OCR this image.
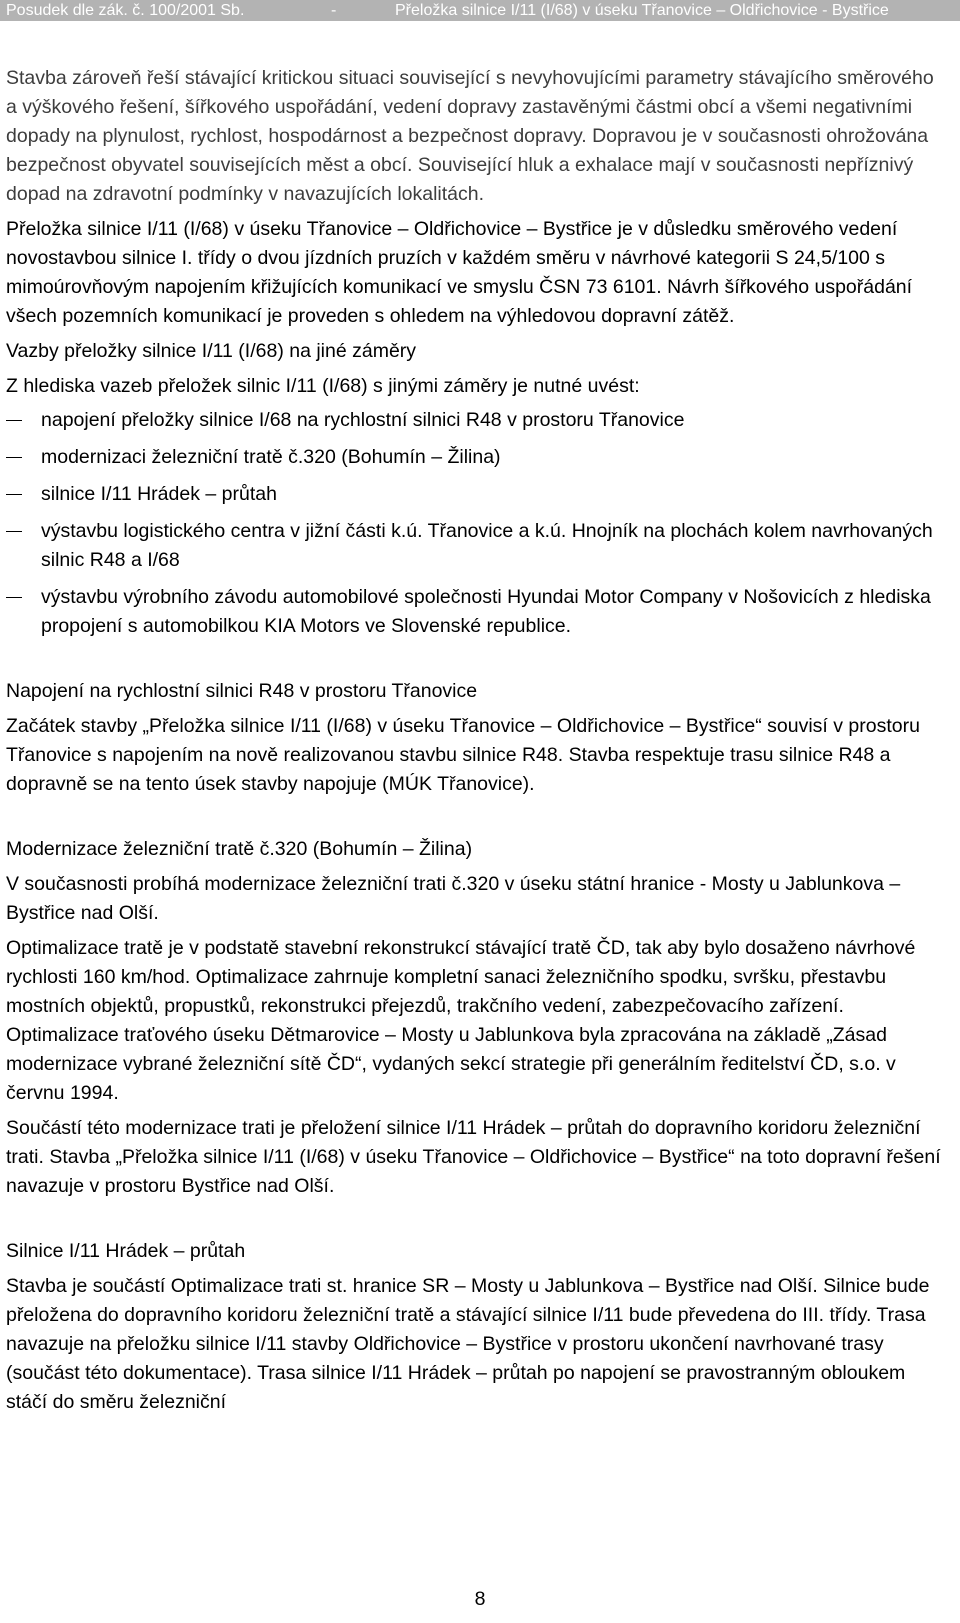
Posudek dle zák. č. 100/2001 Sb.	-	Přeložka silnice I/11 (I/68) v úseku Třanovice – Oldřichovice - Bystřice

Stavba zároveň řeší stávající kritickou situaci související s nevyhovujícími parametry stávajícího směrového a výškového řešení, šířkového uspořádání, vedení dopravy zastavěnými částmi obcí a všemi negativními dopady na plynulost, rychlost, hospodárnost a bezpečnost dopravy. Dopravou je v současnosti ohrožována bezpečnost obyvatel souvisejících měst a obcí. Související hluk a exhalace mají v současnosti nepříznivý dopad na zdravotní podmínky v navazujících lokalitách.

Přeložka silnice I/11 (I/68) v úseku Třanovice – Oldřichovice – Bystřice je v důsledku směrového vedení novostavbou silnice I. třídy o dvou jízdních pruzích v každém směru v návrhové kategorii S 24,5/100 s mimoúrovňovým napojením křižujících komunikací ve smyslu ČSN 73 6101. Návrh šířkového uspořádání všech pozemních komunikací je proveden s ohledem na výhledovou dopravní zátěž.

Vazby přeložky silnice I/11 (I/68) na jiné záměry

Z hlediska vazeb přeložek silnic I/11 (I/68) s jinými záměry je nutné uvést:

napojení přeložky silnice I/68 na rychlostní silnici R48 v prostoru Třanovice
modernizaci železniční tratě č.320 (Bohumín – Žilina)
silnice I/11 Hrádek – průtah
výstavbu logistického centra v jižní části k.ú. Třanovice a k.ú. Hnojník na plochách kolem navrhovaných silnic R48 a I/68
výstavbu výrobního závodu automobilové společnosti Hyundai Motor Company v Nošovicích z hlediska propojení s automobilkou KIA Motors ve Slovenské republice.

Napojení na rychlostní silnici R48 v prostoru Třanovice

Začátek stavby „Přeložka silnice I/11 (I/68) v úseku Třanovice – Oldřichovice – Bystřice“ souvisí v prostoru Třanovice s napojením na nově realizovanou stavbu silnice R48. Stavba respektuje trasu silnice R48 a dopravně se na tento úsek stavby napojuje (MÚK Třanovice).

Modernizace železniční tratě č.320 (Bohumín – Žilina)

V současnosti probíhá modernizace železniční trati č.320 v úseku státní hranice - Mosty u Jablunkova – Bystřice nad Olší.

Optimalizace tratě je v podstatě stavební rekonstrukcí stávající tratě ČD, tak aby bylo dosaženo návrhové rychlosti 160 km/hod. Optimalizace zahrnuje kompletní sanaci železničního spodku, svršku, přestavbu mostních objektů, propustků, rekonstrukci přejezdů, trakčního vedení, zabezpečovacího zařízení. Optimalizace traťového úseku Dětmarovice – Mosty u Jablunkova byla zpracována na základě „Zásad modernizace vybrané železniční sítě ČD“, vydaných sekcí strategie při generálním ředitelství ČD, s.o. v červnu 1994.

Součástí této modernizace trati je přeložení silnice I/11 Hrádek – průtah do dopravního koridoru železniční trati. Stavba „Přeložka silnice I/11 (I/68) v úseku Třanovice – Oldřichovice – Bystřice“ na toto dopravní řešení navazuje v prostoru Bystřice nad Olší.

Silnice I/11 Hrádek – průtah

Stavba je součástí Optimalizace trati st. hranice SR – Mosty u Jablunkova – Bystřice nad Olší. Silnice bude přeložena do dopravního koridoru železniční tratě a stávající silnice I/11 bude převedena do III. třídy. Trasa navazuje na přeložku silnice I/11 stavby Oldřichovice – Bystřice v prostoru ukončení navrhované trasy (součást této dokumentace). Trasa silnice I/11 Hrádek – průtah po napojení se pravostranným obloukem stáčí do směru železniční

8
